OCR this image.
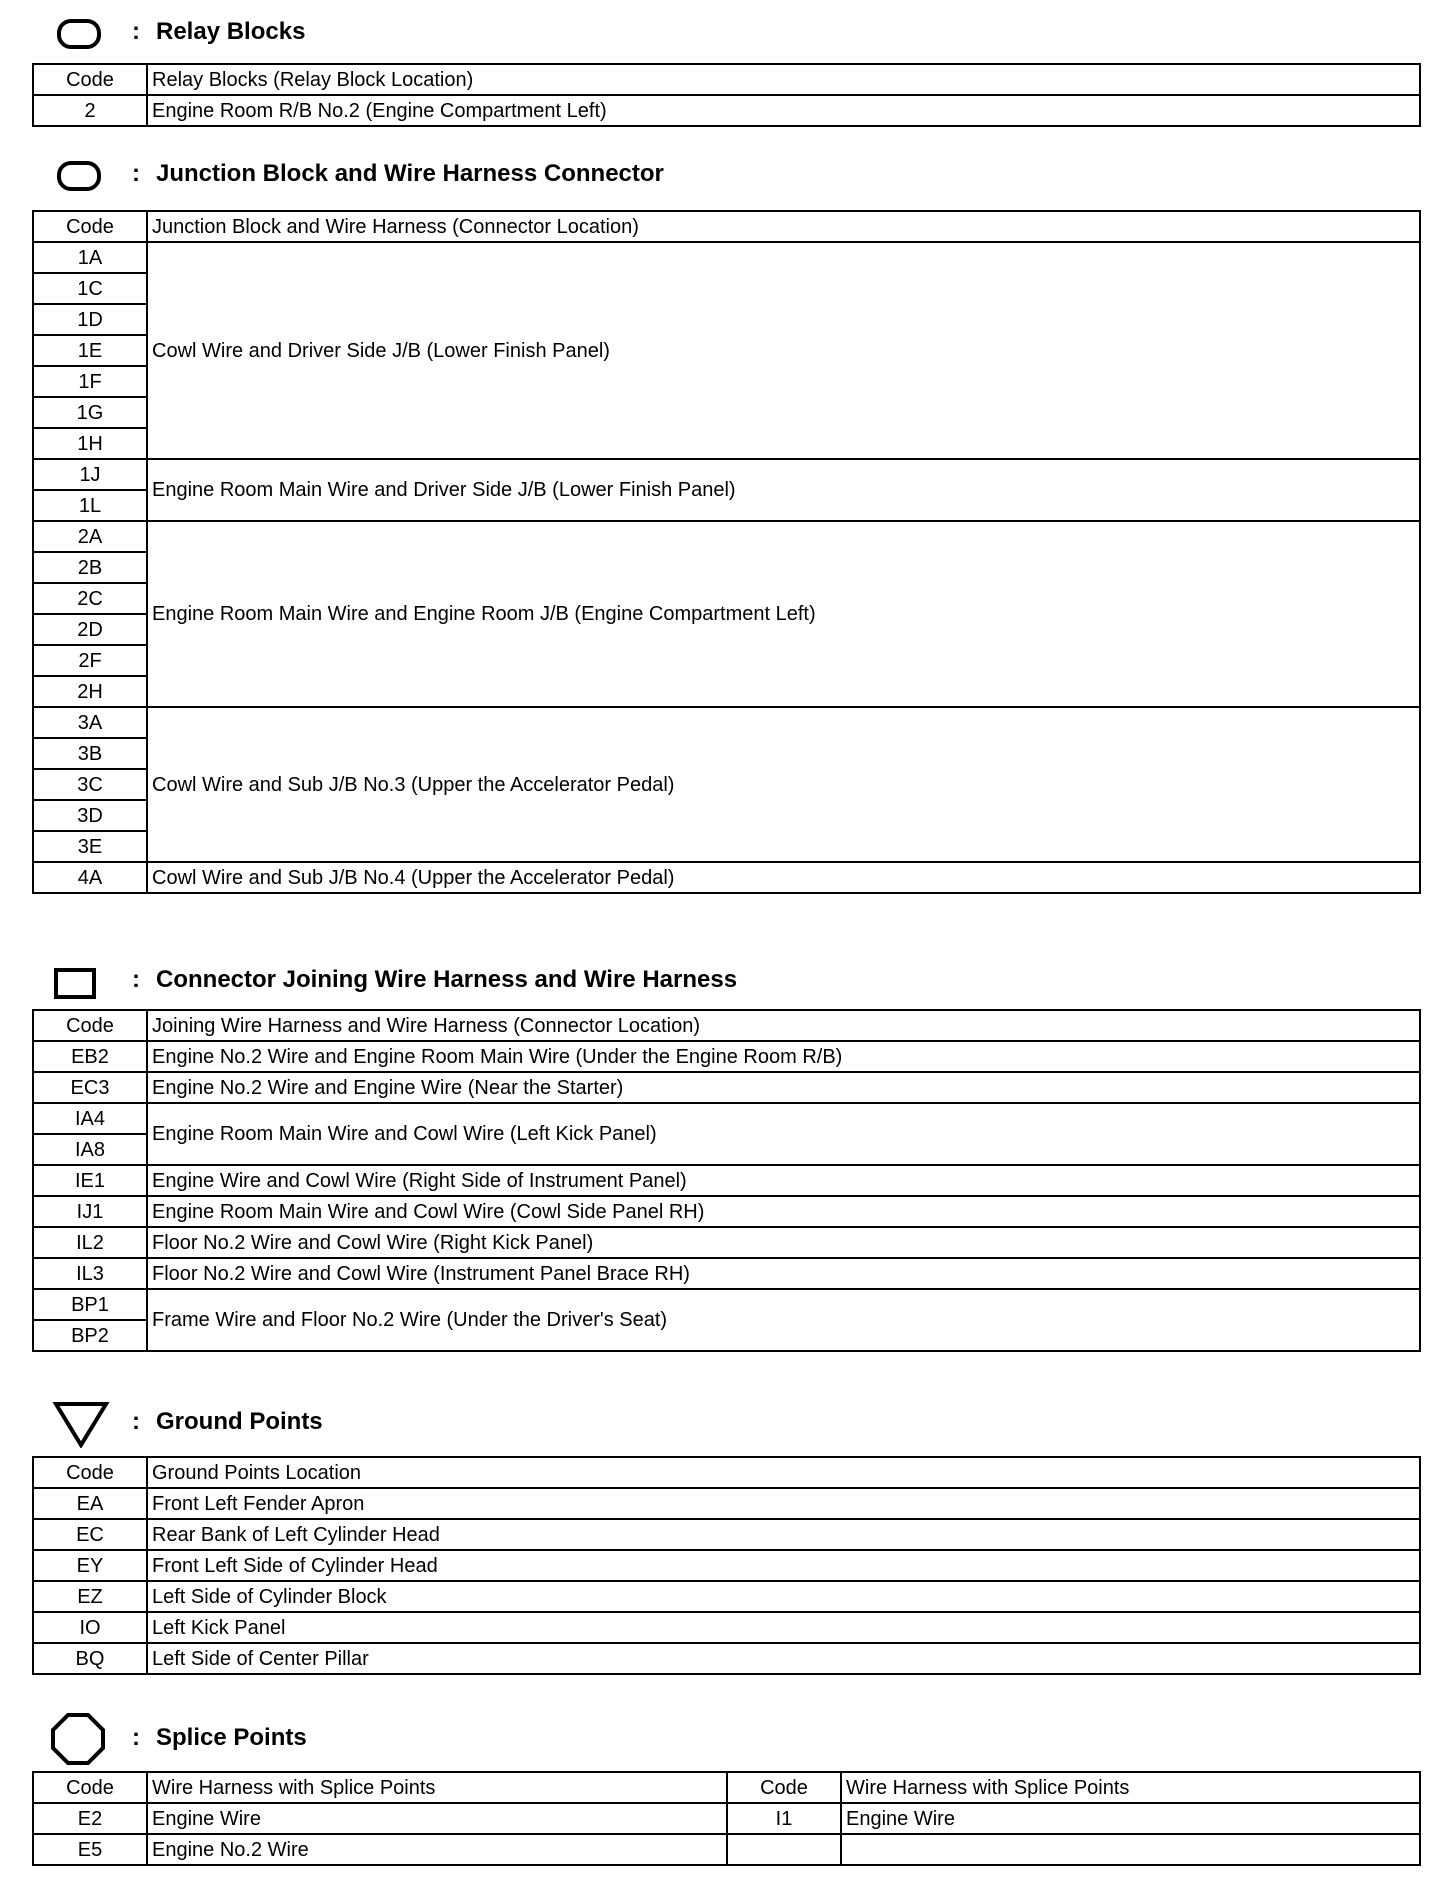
: Relay Blocks
Code	Relay Blocks (Relay Block Location)
2	Engine Room R/B No.2 (Engine Compartment Left)
: Junction Block and Wire Harness Connector
Code	Junction Block and Wire Harness (Connector Location)
1A	Cowl Wire and Driver Side J/B (Lower Finish Panel)
1C	
1D	
1E	
1F	
1G	
1H	
1J	Engine Room Main Wire and Driver Side J/B (Lower Finish Panel)
1L	
2A	Engine Room Main Wire and Engine Room J/B (Engine Compartment Left)
2B	
2C	
2D	
2F	
2H	
3A	Cowl Wire and Sub J/B No.3 (Upper the Accelerator Pedal)
3B	
3C	
3D	
3E	
4A	Cowl Wire and Sub J/B No.4 (Upper the Accelerator Pedal)
: Connector Joining Wire Harness and Wire Harness
Code	Joining Wire Harness and Wire Harness (Connector Location)
EB2	Engine No.2 Wire and Engine Room Main Wire (Under the Engine Room R/B)
EC3	Engine No.2 Wire and Engine Wire (Near the Starter)
IA4	Engine Room Main Wire and Cowl Wire (Left Kick Panel)
IA8	
IE1	Engine Wire and Cowl Wire (Right Side of Instrument Panel)
IJ1	Engine Room Main Wire and Cowl Wire (Cowl Side Panel RH)
IL2	Floor No.2 Wire and Cowl Wire (Right Kick Panel)
IL3	Floor No.2 Wire and Cowl Wire (Instrument Panel Brace RH)
BP1	Frame Wire and Floor No.2 Wire (Under the Driver's Seat)
BP2	
: Ground Points
Code	Ground Points Location
EA	Front Left Fender Apron
EC	Rear Bank of Left Cylinder Head
EY	Front Left Side of Cylinder Head
EZ	Left Side of Cylinder Block
IO	Left Kick Panel
BQ	Left Side of Center Pillar
: Splice Points
Code	Wire Harness with Splice Points	Code	Wire Harness with Splice Points
E2	Engine Wire	I1	Engine Wire
E5	Engine No.2 Wire		
